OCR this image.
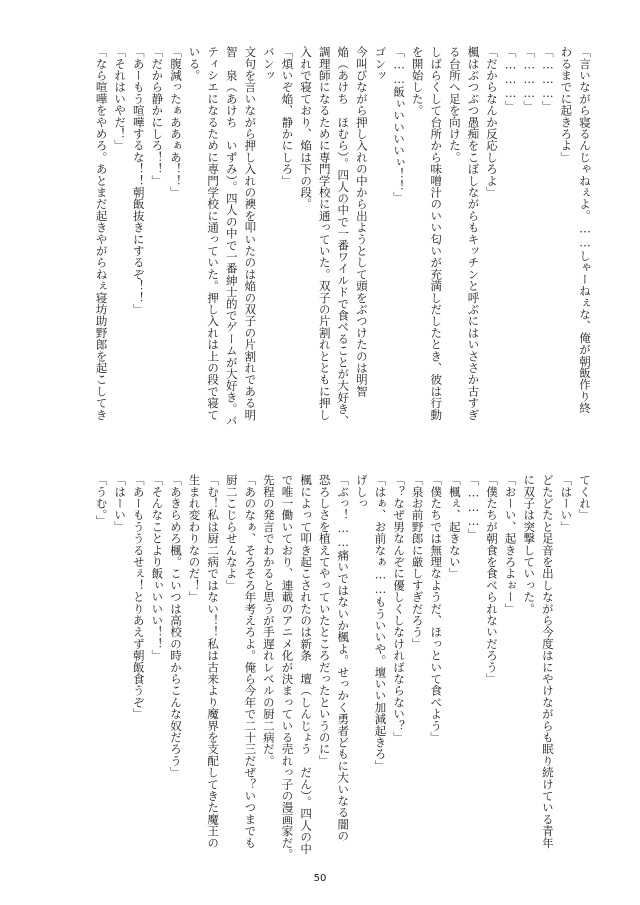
「言いながら寝るんじゃねぇよ。……しゃーねぇな、俺が朝飯作り終
わるまでに起きろよ」
「………」
「………」
「………」
「だからなんか反応しろよ」
楓はぶつぶつ愚痴をこぼしながらもキッチンと呼ぶにはいささか古すぎ
る台所へ足を向けた。
しばらくして台所から味噌汁のいい匂いが充満しだしたとき、彼は行動
を開始した。
「……飯ぃいいいいぃ！！」
ゴンッ
今叫びながら押し入れの中から出ようとして頭をぶつけたのは明智
焔（あけち　ほむら）。四人の中で一番ワイルドで食べることが大好き、
調理師になるために専門学校に通っていた。双子の片割れとともに押し
入れで寝ており、焔は下の段。
「煩いぞ焔、静かにしろ」
バンッ
文句を言いながら押し入れの襖を叩いたのは焔の双子の片割れである明
智　泉（あけち　いずみ）。四人の中で一番紳士的でゲームが大好き。パ
ティシエになるために専門学校に通っていた。押し入れは上の段で寝て
いる。
「腹減ったぁああぁあ！！」
「だから静かにしろ！！」
「あーもう喧嘩するな！！朝飯抜きにするぞ！！」
「それはいやだ！」
「なら喧嘩をやめろ。あとまだ起きやがらねぇ寝坊助野郎を起こしてき
てくれ」
「はーい」
どたどたと足音を出しながら今度はにやけながらも眠り続けている青年
に双子は突撃していった。
「おーい、起きろよぉー」
「僕たちが朝食を食べられないだろう」
「………」
「楓ぇ、起きない」
「僕たちでは無理なようだ、ほっといて食べよう」
「泉お前野郎に厳しすぎだろう」
「？なぜ男なんぞに優しくしなければならない？」
「はぁ、お前なぁ……もういいや。壇いい加減起きろ」
げしっ
「ぶっ！……痛いではないか楓よ。せっかく勇者どもに大いなる闇の
恐ろしさを植えてやっていたところだったというのに」
楓によって叩き起こされたのは新条　壇（しんじょう　だん）。四人の中
で唯一働いており、連載のアニメ化が決まっている売れっ子の漫画家だ。
先程の発言でわかると思うが手遅れレベルの厨二病だ。
「あのなぁ、そろそろ年考えろよ。俺ら今年で二十三だぜ？いつまでも
厨二こじらせんなよ」
「む！私は厨二病ではない！！私は古来より魔界を支配してきた魔王の
生まれ変わりなのだ！」
「あきらめろ楓。こいつは高校の時からこんな奴だろう」
「そんなことより飯ぃいいい！！」
「あーもううるせぇ！とりあえず朝飯食うぞ」
「はーい」
「うむ。」
50
